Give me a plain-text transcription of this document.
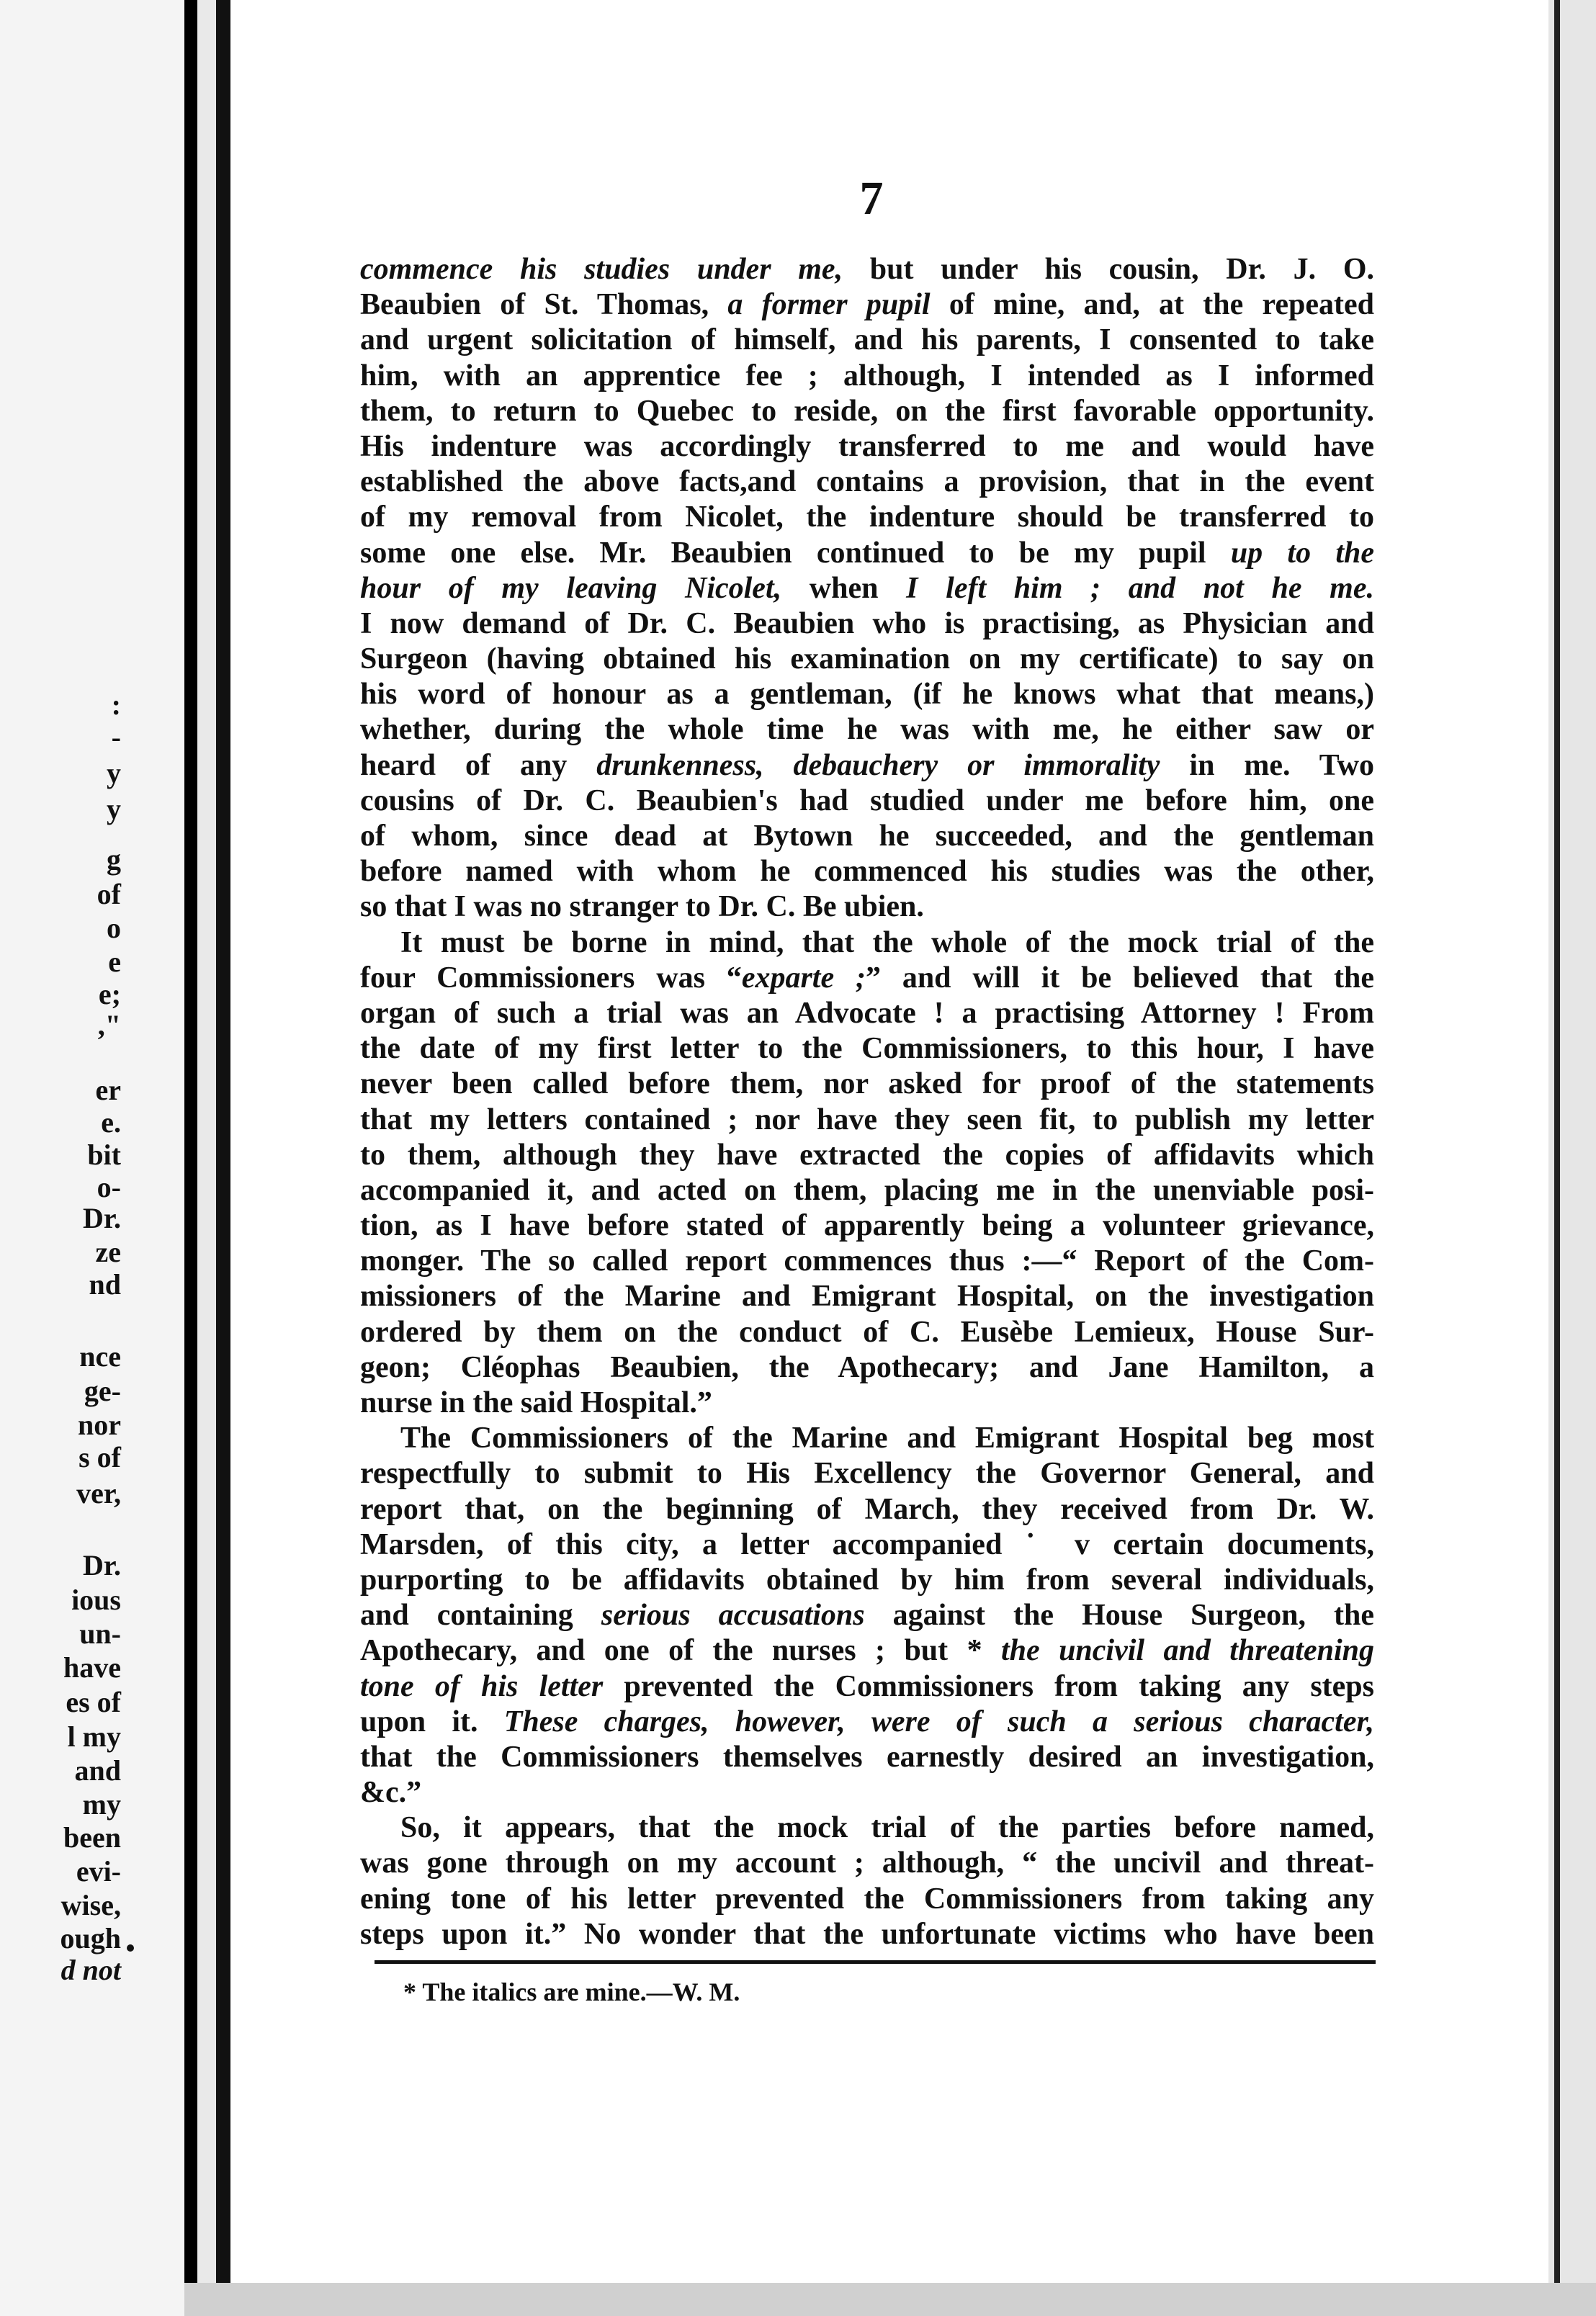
:
-
y
y
g
of
o
e
e;
,"
er
e.
bit
o-
Dr.
ze
nd
nce
ge-
nor
s of
ver,
Dr.
ious
un-
have
es of
l my
and
my
been
evi-
wise,
ough
d not
7
commence his studies under me, but under his cousin, Dr. J. O.
Beaubien of St. Thomas, a former pupil of mine, and, at the repeated
and urgent solicitation of himself, and his parents, I consented to take
him, with an apprentice fee ; although, I intended as I informed
them, to return to Quebec to reside, on the first favorable opportunity.
His indenture was accordingly transferred to me and would have
established the above facts,and contains a provision, that in the event
of my removal from Nicolet, the indenture should be transferred to
some one else. Mr. Beaubien continued to be my pupil up to the
hour of my leaving Nicolet, when I left him ; and not he me.
I now demand of Dr. C. Beaubien who is practising, as Physician and
Surgeon (having obtained his examination on my certificate) to say on
his word of honour as a gentleman, (if he knows what that means,)
whether, during the whole time he was with me, he either saw or
heard of any drunkenness, debauchery or immorality in me. Two
cousins of Dr. C. Beaubien's had studied under me before him, one
of whom, since dead at Bytown he succeeded, and the gentleman
before named with whom he commenced his studies was the other,
so that I was no stranger to Dr. C. Be ubien.
It must be borne in mind, that the whole of the mock trial of the
four Commissioners was “exparte ;” and will it be believed that the
organ of such a trial was an Advocate ! a practising Attorney ! From
the date of my first letter to the Commissioners, to this hour, I have
never been called before them, nor asked for proof of the statements
that my letters contained ; nor have they seen fit, to publish my letter
to them, although they have extracted the copies of affidavits which
accompanied it, and acted on them, placing me in the unenviable posi-
tion, as I have before stated of apparently being a volunteer grievance,
monger. The so called report commences thus :—“ Report of the Com-
missioners of the Marine and Emigrant Hospital, on the investigation
ordered by them on the conduct of C. Eusèbe Lemieux, House Sur-
geon; Cléophas Beaubien, the Apothecary; and Jane Hamilton, a
nurse in the said Hospital.”
The Commissioners of the Marine and Emigrant Hospital beg most
respectfully to submit to His Excellency the Governor General, and
report that, on the beginning of March, they received from Dr. W.
Marsden, of this city, a letter accompanied ˙ v certain documents,
purporting to be affidavits obtained by him from several individuals,
and containing serious accusations against the House Surgeon, the
Apothecary, and one of the nurses ; but * the uncivil and threatening
tone of his letter prevented the Commissioners from taking any steps
upon it. These charges, however, were of such a serious character,
that the Commissioners themselves earnestly desired an investigation,
&c.”
So, it appears, that the mock trial of the parties before named,
was gone through on my account ; although, “ the uncivil and threat-
ening tone of his letter prevented the Commissioners from taking any
steps upon it.” No wonder that the unfortunate victims who have been
* The italics are mine.—W. M.
